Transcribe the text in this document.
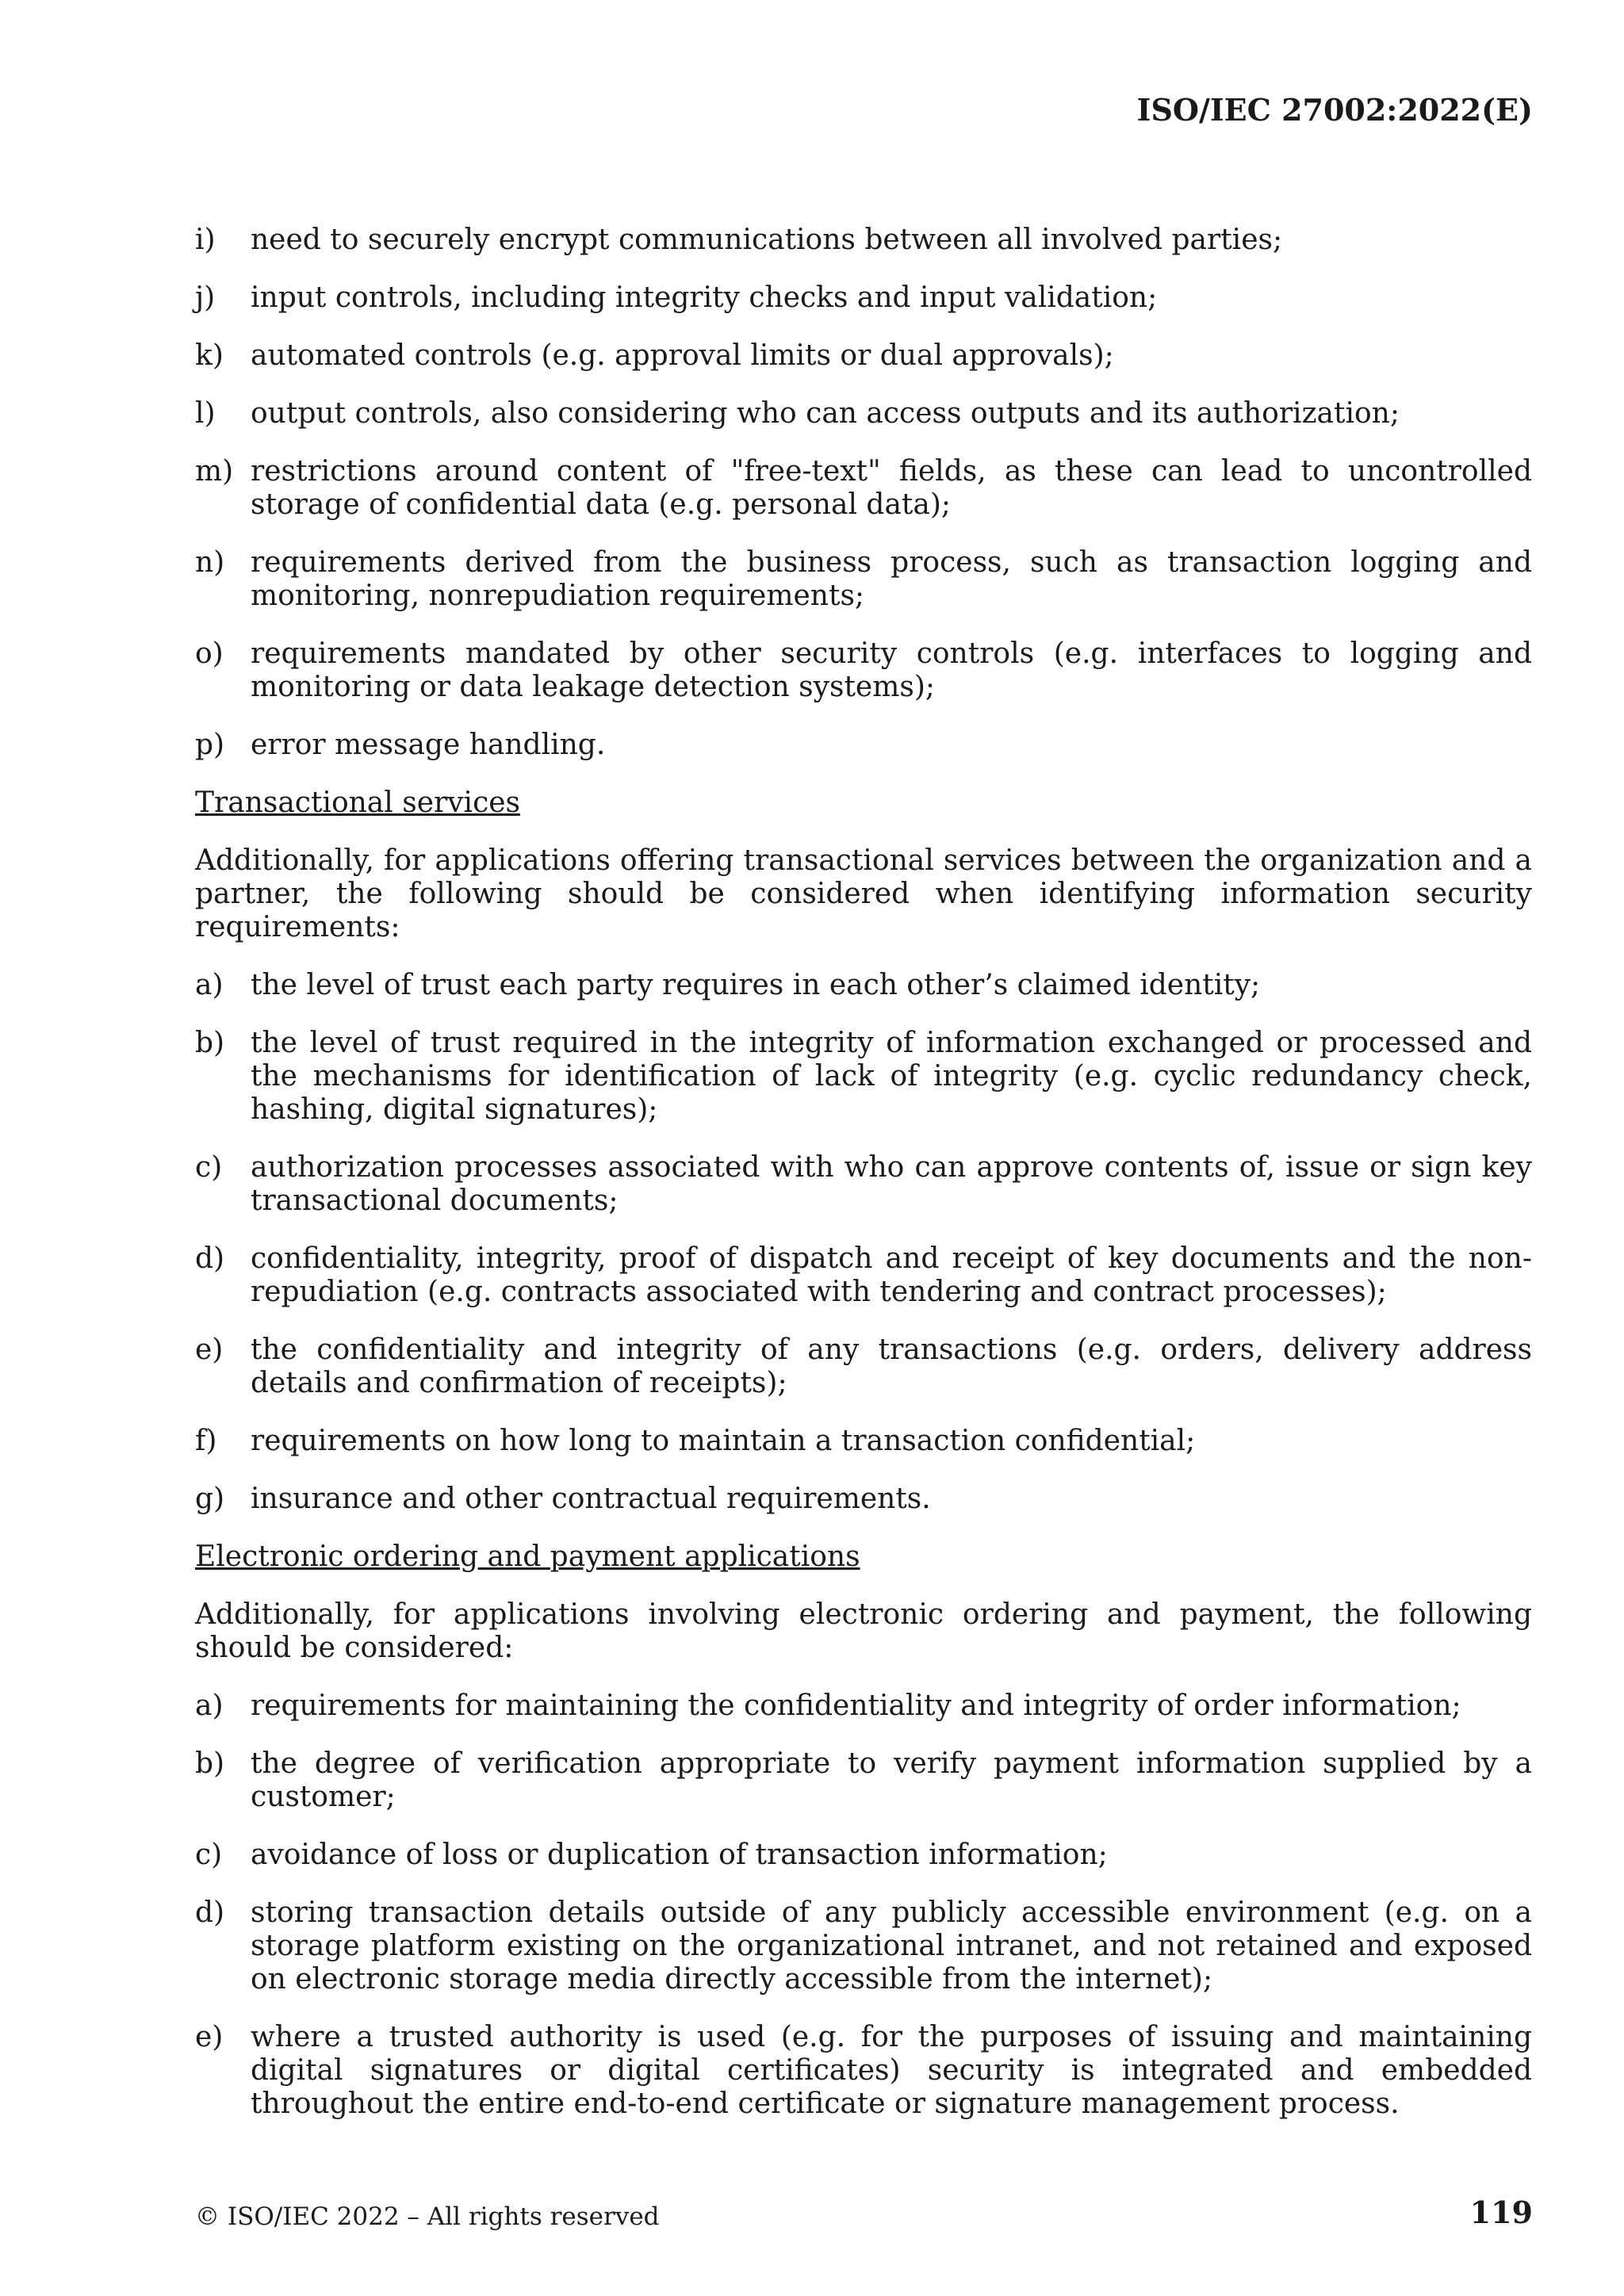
ISO/IEC 27002:2022(E)
i)	need to securely encrypt communications between all involved parties;
j)	input controls, including integrity checks and input validation;
k) automated controls (e.g. approval limits or dual approvals);
l)	output controls, also considering who can access outputs and its authorization;
m) restrictions around content of "free-text" fields, as these can lead to uncontrolled storage of confidential data (e.g. personal data);
n) requirements derived from the business process, such as transaction logging and monitoring, nonrepudiation requirements;
o) requirements mandated by other security controls (e.g. interfaces to logging and monitoring or data leakage detection systems);
p) error message handling.
Transactional services
Additionally, for applications offering transactional services between the organization and a partner, the following should be considered when identifying information security requirements:
a) the level of trust each party requires in each other’s claimed identity;
b) the level of trust required in the integrity of information exchanged or processed and the mechanisms for identification of lack of integrity (e.g. cyclic redundancy check, hashing, digital signatures);
c) authorization processes associated with who can approve contents of, issue or sign key transactional documents;
d) confidentiality, integrity, proof of dispatch and receipt of key documents and the non-repudiation (e.g. contracts associated with tendering and contract processes);
e) the confidentiality and integrity of any transactions (e.g. orders, delivery address details and confirmation of receipts);
f)	requirements on how long to maintain a transaction confidential;
g) insurance and other contractual requirements.
Electronic ordering and payment applications
Additionally, for applications involving electronic ordering and payment, the following should be considered:
a) requirements for maintaining the confidentiality and integrity of order information;
b) the degree of verification appropriate to verify payment information supplied by a customer;
c) avoidance of loss or duplication of transaction information;
d) storing transaction details outside of any publicly accessible environment (e.g. on a storage platform existing on the organizational intranet, and not retained and exposed on electronic storage media directly accessible from the internet);
e) where a trusted authority is used (e.g. for the purposes of issuing and maintaining digital signatures or digital certificates) security is integrated and embedded throughout the entire end-to-end certificate or signature management process.
© ISO/IEC 2022 – All rights reserved	119
